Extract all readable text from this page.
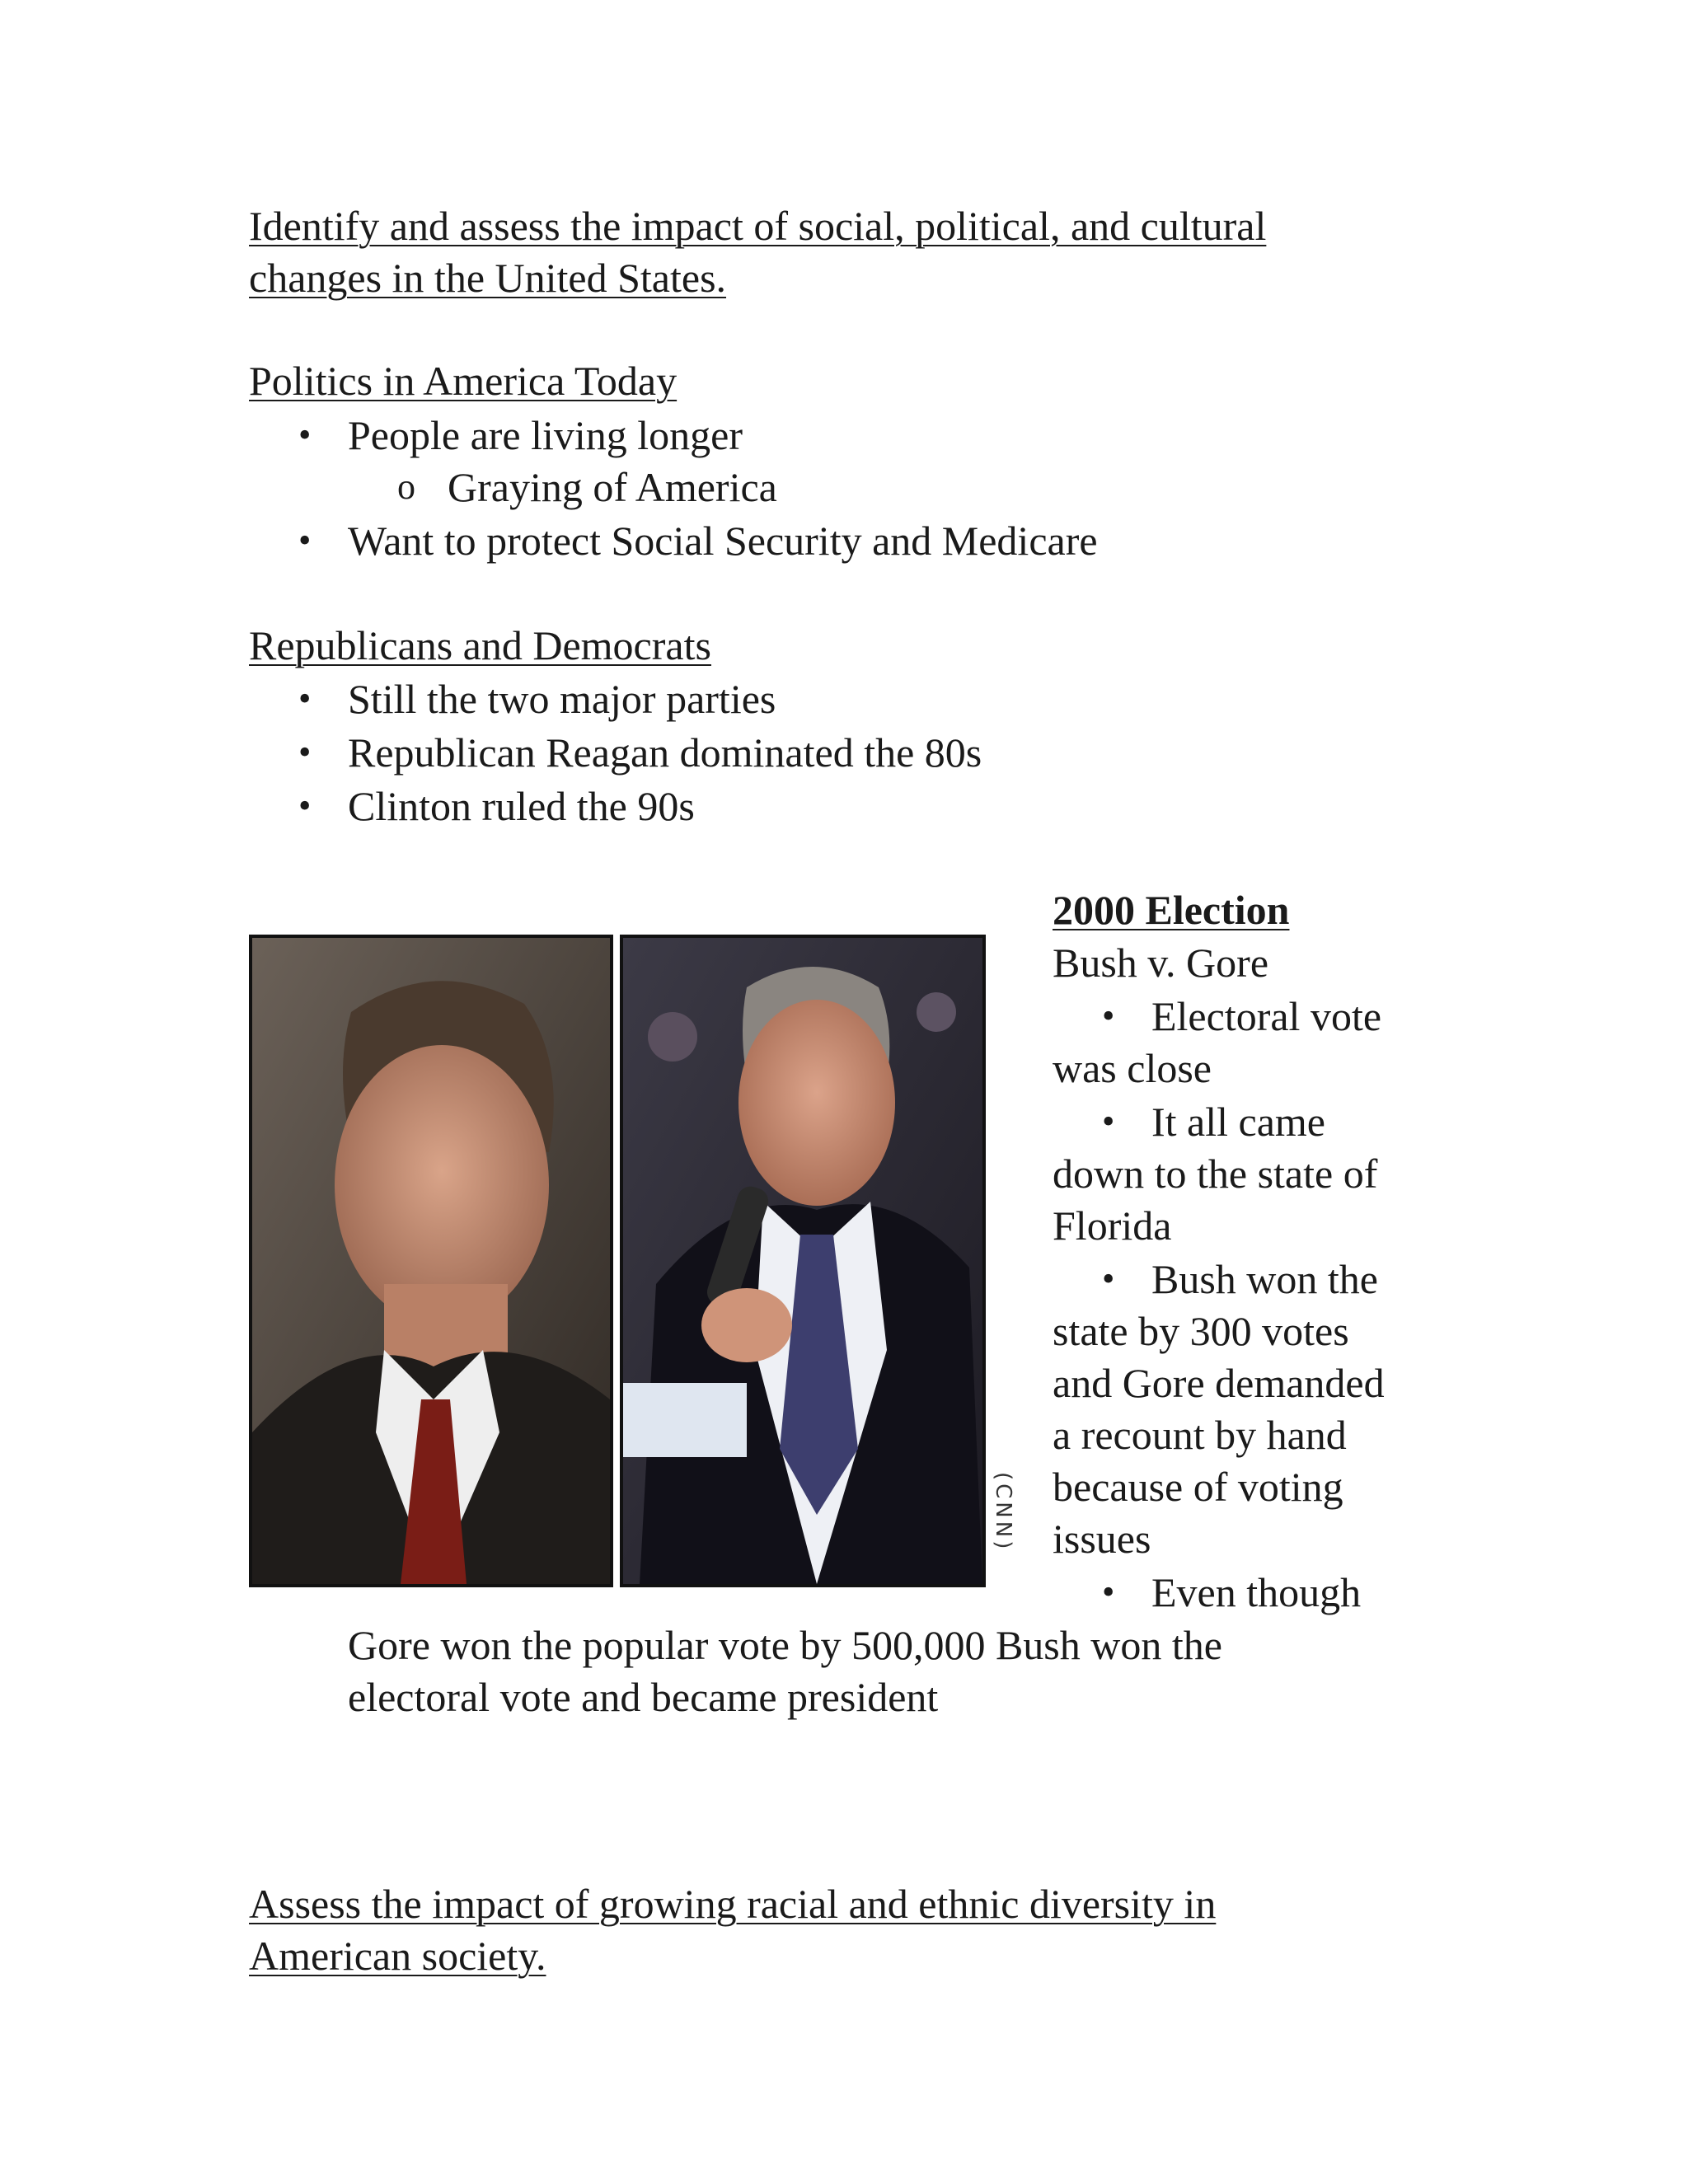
Identify and assess the impact of social, political, and cultural
changes in the United States.
Politics in America Today
• People are living longer
o Graying of America
• Want to protect Social Security and Medicare
Republicans and Democrats
• Still the two major parties
• Republican Reagan dominated the 80s
• Clinton ruled the 90s
(CNN)
2000 Election
Bush v. Gore
• Electoral vote
was close
• It all came
down to the state of
Florida
• Bush won the
state by 300 votes
and Gore demanded
a recount by hand
because of voting
issues
• Even though
Gore won the popular vote by 500,000 Bush won the
electoral vote and became president
Assess the impact of growing racial and ethnic diversity in
American society.
